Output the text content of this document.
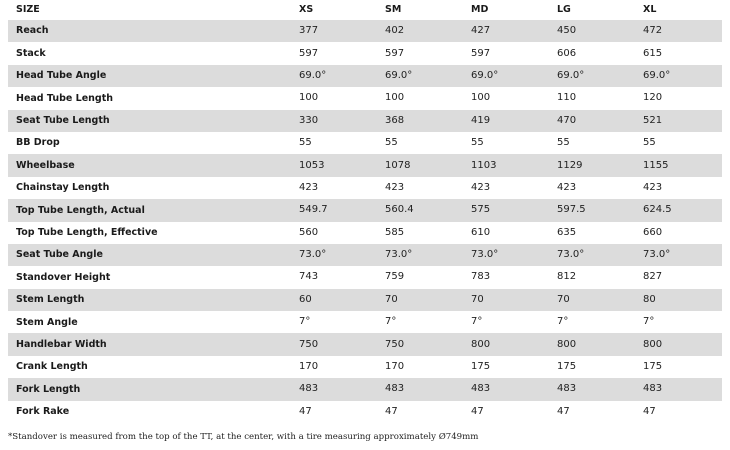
SIZE	XS	SM	MD	LG	XL
Reach	377	402	427	450	472
Stack	597	597	597	606	615
Head Tube Angle	69.0°	69.0°	69.0°	69.0°	69.0°
Head Tube Length	100	100	100	110	120
Seat Tube Length	330	368	419	470	521
BB Drop	55	55	55	55	55
Wheelbase	1053	1078	1103	1129	1155
Chainstay Length	423	423	423	423	423
Top Tube Length, Actual	549.7	560.4	575	597.5	624.5
Top Tube Length, Effective	560	585	610	635	660
Seat Tube Angle	73.0°	73.0°	73.0°	73.0°	73.0°
Standover Height	743	759	783	812	827
Stem Length	60	70	70	70	80
Stem Angle	7°	7°	7°	7°	7°
Handlebar Width	750	750	800	800	800
Crank Length	170	170	175	175	175
Fork Length	483	483	483	483	483
Fork Rake	47	47	47	47	47
*Standover is measured from the top of the TT, at the center, with a tire measuring approximately Ø749mm
